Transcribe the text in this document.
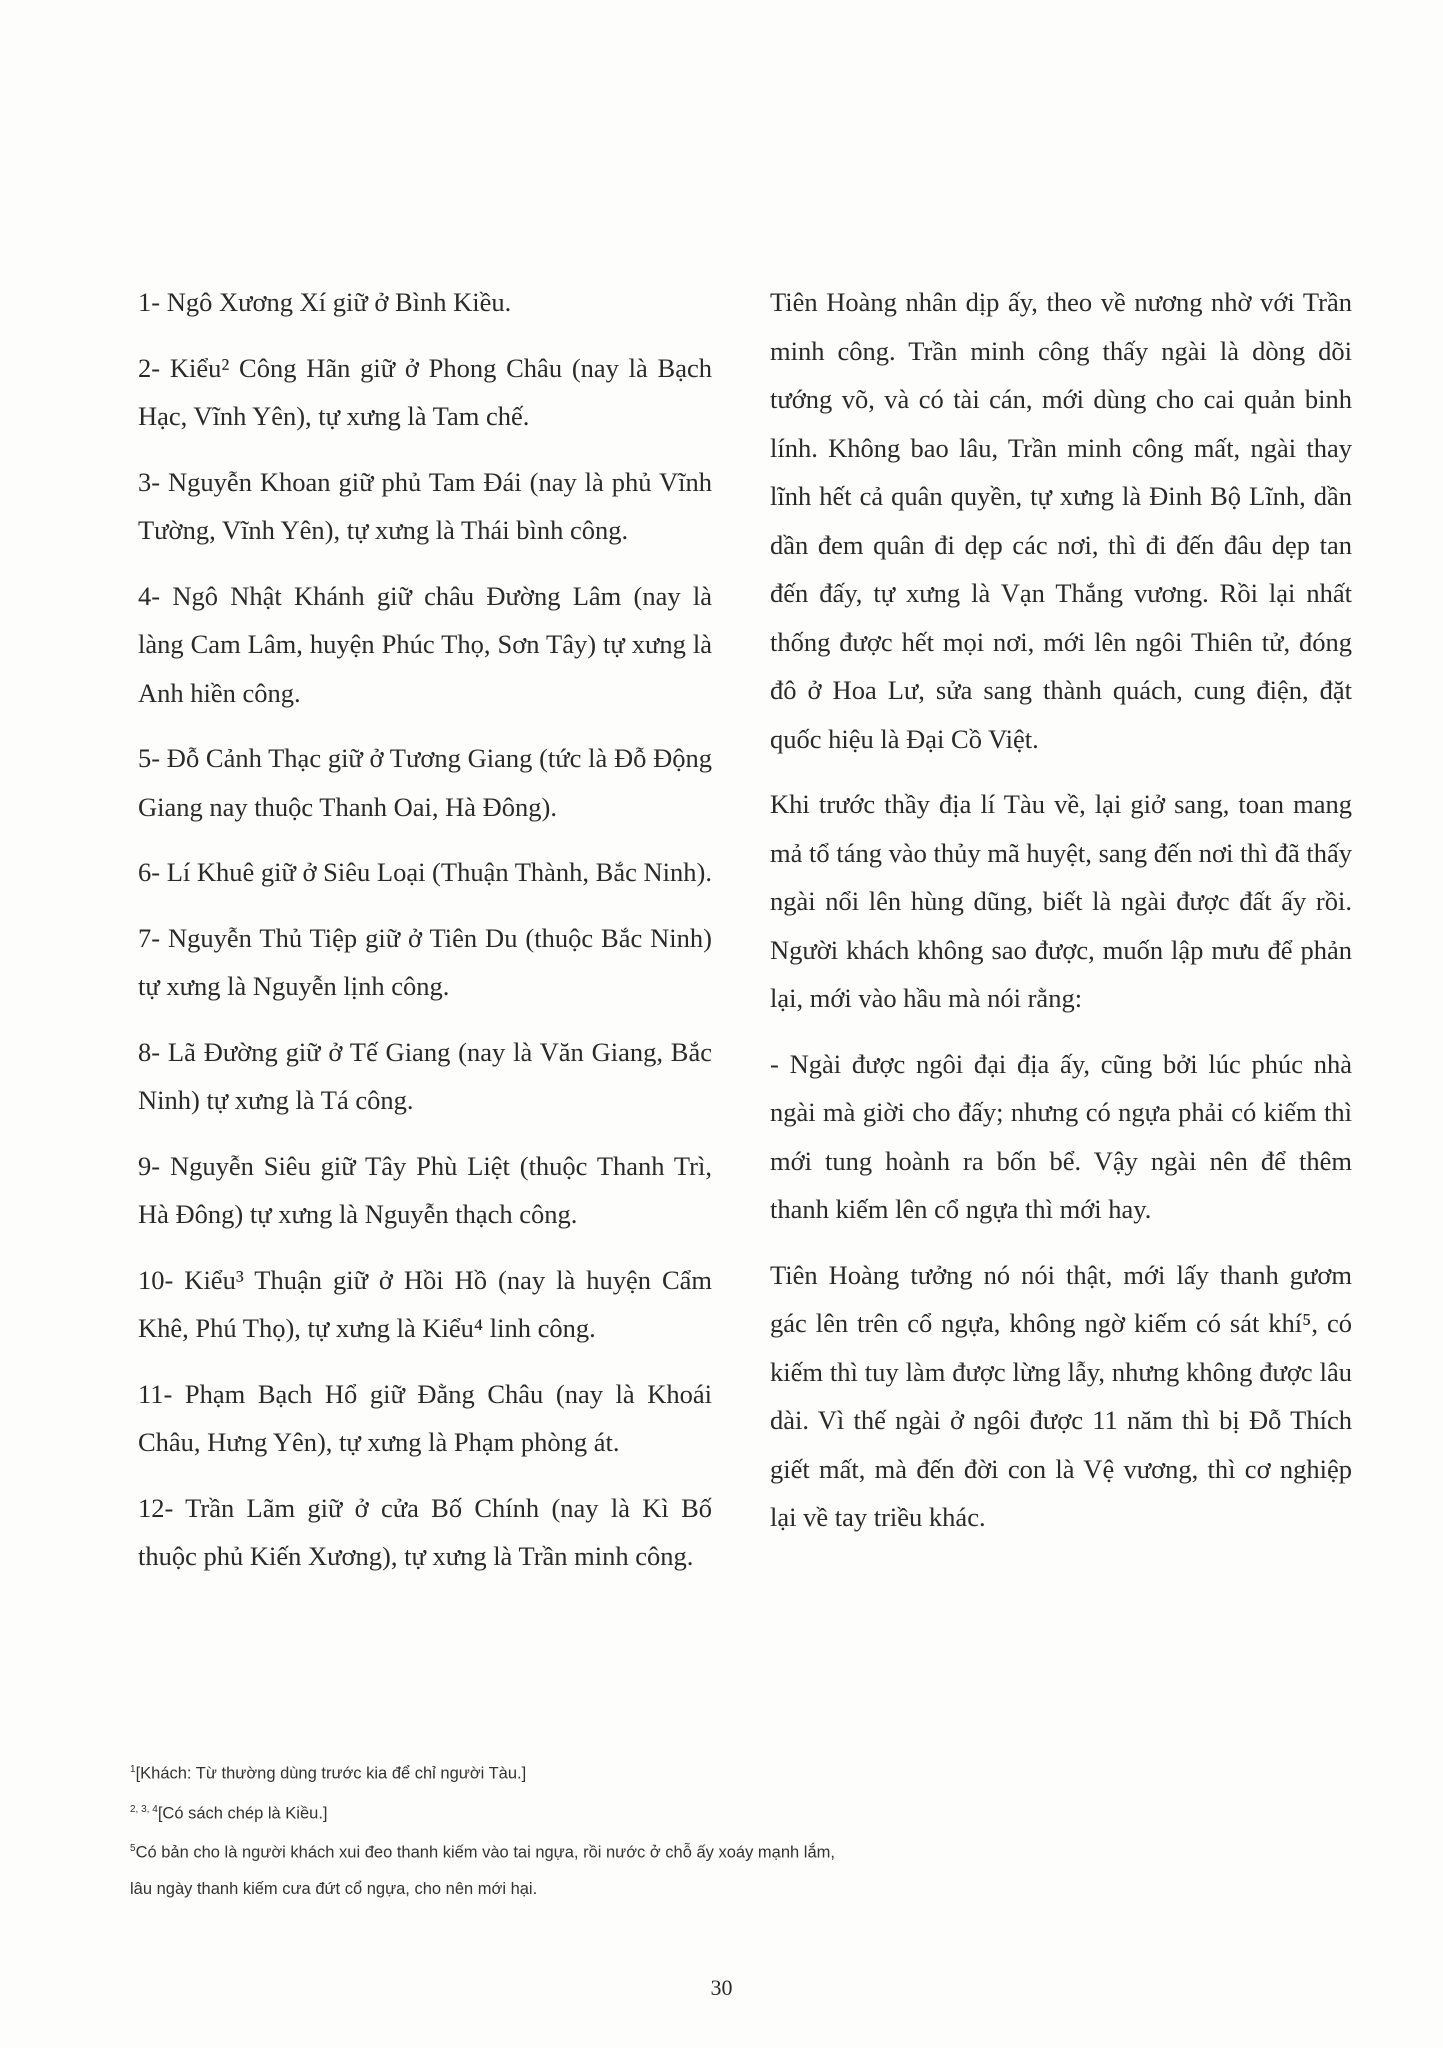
1- Ngô Xương Xí giữ ở Bình Kiều.

2- Kiểu² Công Hãn giữ ở Phong Châu (nay là Bạch Hạc, Vĩnh Yên), tự xưng là Tam chế.

3- Nguyễn Khoan giữ phủ Tam Đái (nay là phủ Vĩnh Tường, Vĩnh Yên), tự xưng là Thái bình công.

4- Ngô Nhật Khánh giữ châu Đường Lâm (nay là làng Cam Lâm, huyện Phúc Thọ, Sơn Tây) tự xưng là Anh hiền công.

5- Đỗ Cảnh Thạc giữ ở Tương Giang (tức là Đỗ Động Giang nay thuộc Thanh Oai, Hà Đông).

6- Lí Khuê giữ ở Siêu Loại (Thuận Thành, Bắc Ninh).

7- Nguyễn Thủ Tiệp giữ ở Tiên Du (thuộc Bắc Ninh) tự xưng là Nguyễn lịnh công.

8- Lã Đường giữ ở Tế Giang (nay là Văn Giang, Bắc Ninh) tự xưng là Tá công.

9- Nguyễn Siêu giữ Tây Phù Liệt (thuộc Thanh Trì, Hà Đông) tự xưng là Nguyễn thạch công.

10- Kiểu³ Thuận giữ ở Hồi Hồ (nay là huyện Cẩm Khê, Phú Thọ), tự xưng là Kiểu⁴ linh công.

11- Phạm Bạch Hổ giữ Đằng Châu (nay là Khoái Châu, Hưng Yên), tự xưng là Phạm phòng át.

12- Trần Lãm giữ ở cửa Bố Chính (nay là Kì Bố thuộc phủ Kiến Xương), tự xưng là Trần minh công.

Tiên Hoàng nhân dịp ấy, theo về nương nhờ với Trần minh công. Trần minh công thấy ngài là dòng dõi tướng võ, và có tài cán, mới dùng cho cai quản binh lính. Không bao lâu, Trần minh công mất, ngài thay lĩnh hết cả quân quyền, tự xưng là Đinh Bộ Lĩnh, dần dần đem quân đi dẹp các nơi, thì đi đến đâu dẹp tan đến đấy, tự xưng là Vạn Thắng vương. Rồi lại nhất thống được hết mọi nơi, mới lên ngôi Thiên tử, đóng đô ở Hoa Lư, sửa sang thành quách, cung điện, đặt quốc hiệu là Đại Cồ Việt.

Khi trước thầy địa lí Tàu về, lại giở sang, toan mang mả tổ táng vào thủy mã huyệt, sang đến nơi thì đã thấy ngài nổi lên hùng dũng, biết là ngài được đất ấy rồi. Người khách không sao được, muốn lập mưu để phản lại, mới vào hầu mà nói rằng:

- Ngài được ngôi đại địa ấy, cũng bởi lúc phúc nhà ngài mà giời cho đấy; nhưng có ngựa phải có kiếm thì mới tung hoành ra bốn bể. Vậy ngài nên để thêm thanh kiếm lên cổ ngựa thì mới hay.

Tiên Hoàng tưởng nó nói thật, mới lấy thanh gươm gác lên trên cổ ngựa, không ngờ kiếm có sát khí⁵, có kiếm thì tuy làm được lừng lẫy, nhưng không được lâu dài. Vì thế ngài ở ngôi được 11 năm thì bị Đỗ Thích giết mất, mà đến đời con là Vệ vương, thì cơ nghiệp lại về tay triều khác.

$^1$[Khách: Từ thường dùng trước kia để chỉ người Tàu.]
$^{2, 3, 4}$[Có sách chép là Kiều.]
$^5$Có bản cho là người khách xui đeo thanh kiếm vào tai ngựa, rồi nước ở chỗ ấy xoáy mạnh lắm,
lâu ngày thanh kiếm cưa đứt cổ ngựa, cho nên mới hại.
30
